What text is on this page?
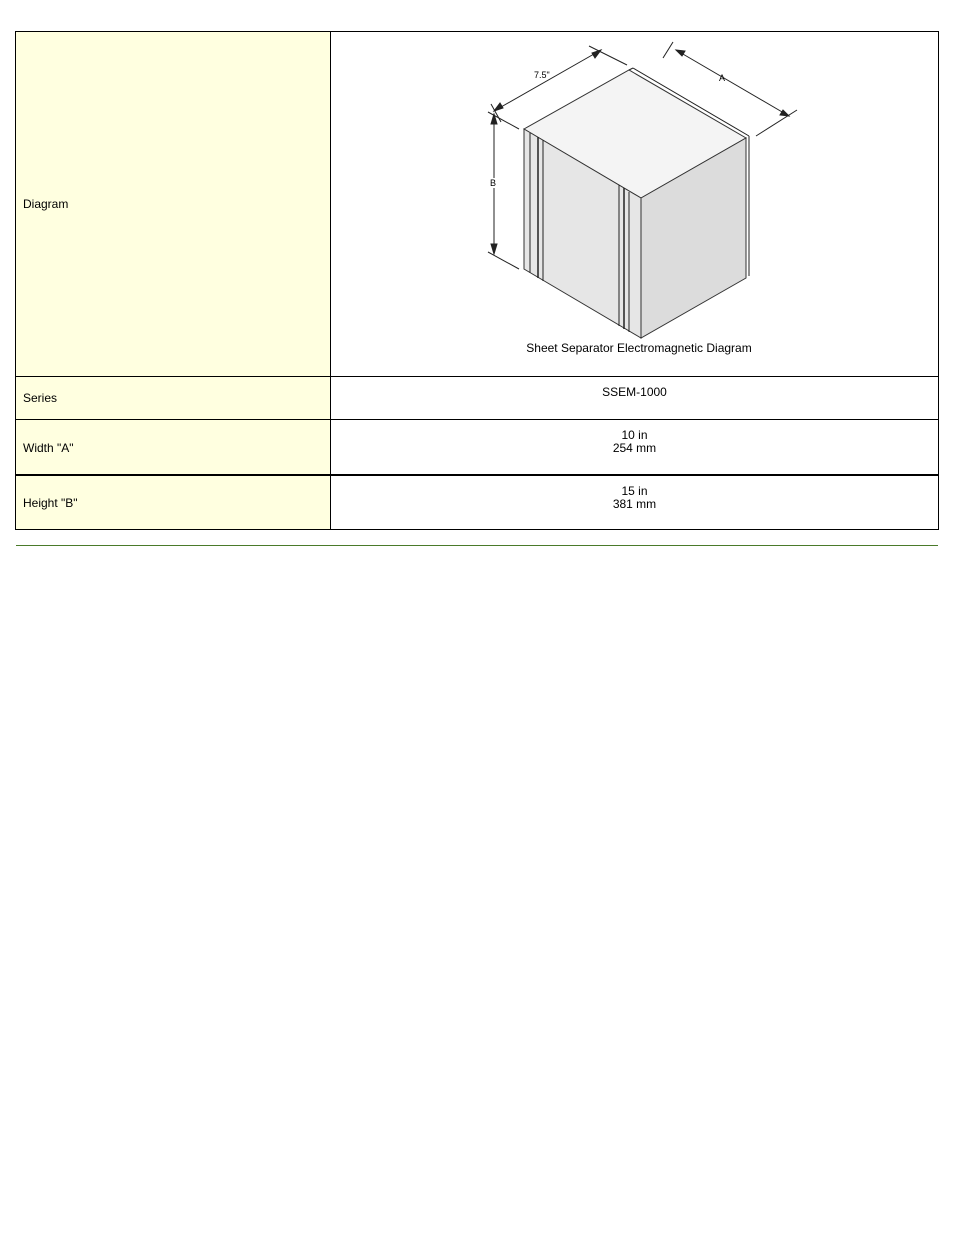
Diagram	7.5" A
B
Sheet Separator Electromagnetic Diagram

Series	SSEM-1000
Width "A"	10 in
254 mm

Height "B"	15 in
381 mm
